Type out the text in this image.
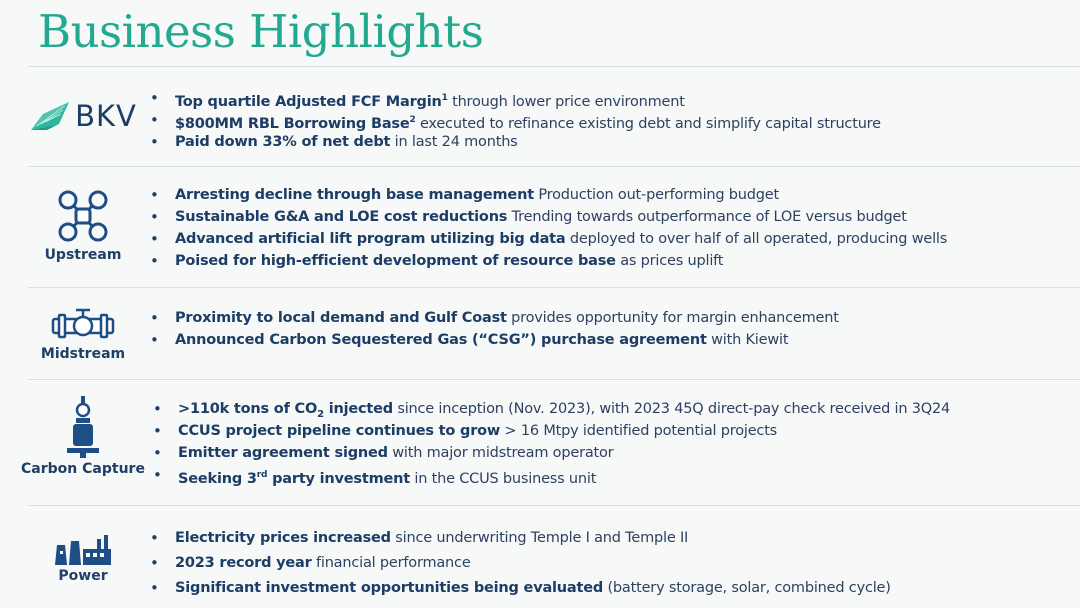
Business Highlights
BKV
•	Top quartile Adjusted FCF Margin$^1$ through lower price environment
• $800MM RBL Borrowing Base$^2$ executed to refinance existing debt and simplify capital structure
• Paid down 33% of net debt in last 24 months
Upstream
• Arresting decline through base management Production out-performing budget
• Sustainable G&A and LOE cost reductions Trending towards outperformance of LOE versus budget
• Advanced artificial lift program utilizing big data deployed to over half of all operated, producing wells
• Poised for high-efficient development of resource base as prices uplift
Midstream
• Proximity to local demand and Gulf Coast provides opportunity for margin enhancement
• Announced Carbon Sequestered Gas (“CSG”) purchase agreement with Kiewit
Carbon Capture
• >110k tons of $CO_2$ injected since inception (Nov. 2023), with 2023 45Q direct-pay check received in 3Q24
• CCUS project pipeline continues to grow > 16 Mtpy identified potential projects
• Emitter agreement signed with major midstream operator
• Seeking 3rd party investment in the CCUS business unit
Power
• Electricity prices increased since underwriting Temple I and Temple II
• 2023 record year financial performance
• Significant investment opportunities being evaluated (battery storage, solar, combined cycle)
